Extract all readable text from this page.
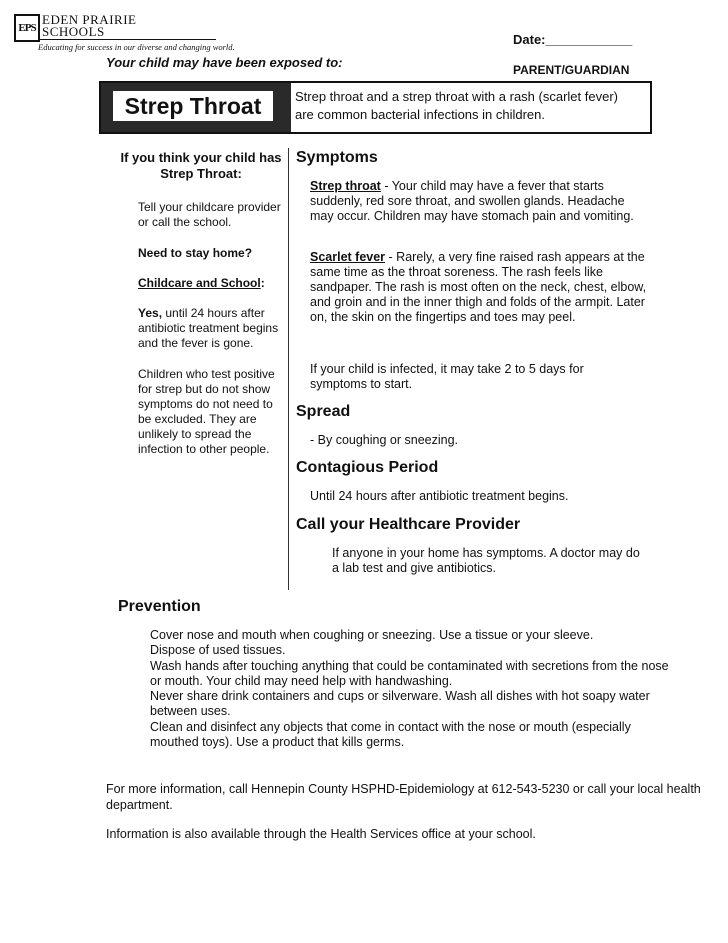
EPS
EDEN PRAIRIE
SCHOOLS
Educating for success in our diverse and changing world.	Date:____________
Your child may have been exposed to:	PARENT/GUARDIAN
Strep Throat	Strep throat and a strep throat with a rash (scarlet fever) are common bacterial infections in children.
If you think your child has Strep Throat:
Tell your childcare provider or call the school.
Need to stay home?
Childcare and School:
Yes, until 24 hours after antibiotic treatment begins and the fever is gone.
Children who test positive for strep but do not show symptoms do not need to be excluded. They are unlikely to spread the infection to other people.
Symptoms
Strep throat - Your child may have a fever that starts suddenly, red sore throat, and swollen glands. Headache may occur. Children may have stomach pain and vomiting.
Scarlet fever - Rarely, a very fine raised rash appears at the same time as the throat soreness. The rash feels like sandpaper. The rash is most often on the neck, chest, elbow, and groin and in the inner thigh and folds of the armpit. Later on, the skin on the fingertips and toes may peel.
If your child is infected, it may take 2 to 5 days for symptoms to start.
Spread
- By coughing or sneezing.
Contagious Period
Until 24 hours after antibiotic treatment begins.
Call your Healthcare Provider
If anyone in your home has symptoms. A doctor may do a lab test and give antibiotics.
Prevention
Cover nose and mouth when coughing or sneezing. Use a tissue or your sleeve.
Dispose of used tissues.
Wash hands after touching anything that could be contaminated with secretions from the nose or mouth. Your child may need help with handwashing.
Never share drink containers and cups or silverware. Wash all dishes with hot soapy water between uses.
Clean and disinfect any objects that come in contact with the nose or mouth (especially mouthed toys). Use a product that kills germs.
For more information, call Hennepin County HSPHD-Epidemiology at 612-543-5230 or call your local health department.
Information is also available through the Health Services office at your school.
